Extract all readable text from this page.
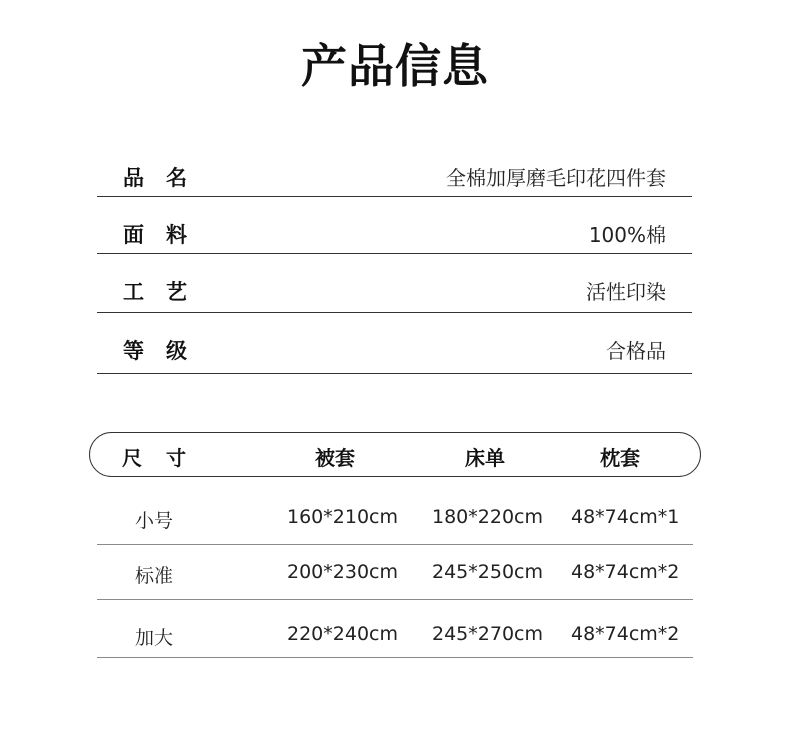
产品信息
品名	全棉加厚磨毛印花四件套
面料	100%棉
工艺	活性印染
等级	合格品
尺寸	被套	床单	枕套
小号	160*210cm 180*220cm 48*74cm*1
标准	200*230cm 245*250cm 48*74cm*2
加大	220*240cm 245*270cm 48*74cm*2
